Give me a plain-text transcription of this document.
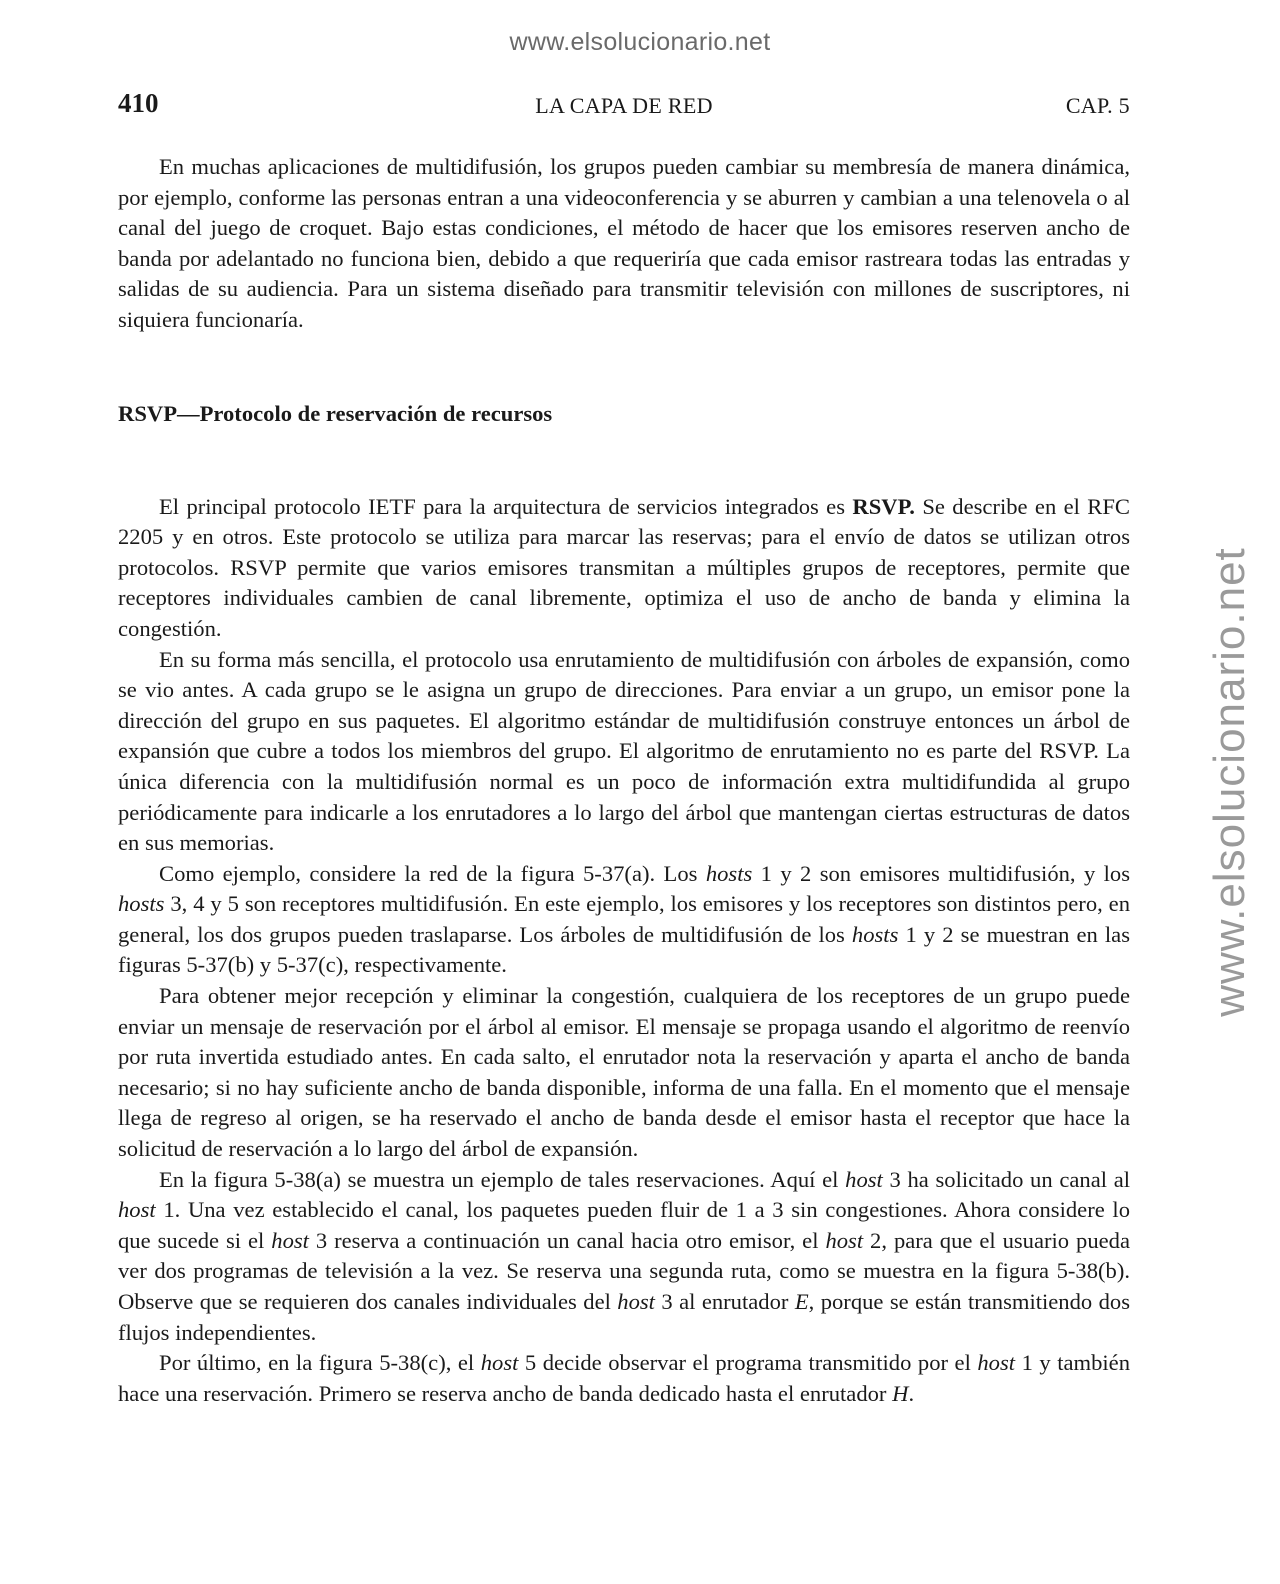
www.elsolucionario.net
www.elsolucionario.net
410	LA CAPA DE RED	CAP. 5

En muchas aplicaciones de multidifusión, los grupos pueden cambiar su membresía de manera dinámica, por ejemplo, conforme las personas entran a una videoconferencia y se aburren y cambian a una telenovela o al canal del juego de croquet. Bajo estas condiciones, el método de hacer que los emisores reserven ancho de banda por adelantado no funciona bien, debido a que requeriría que cada emisor rastreara todas las entradas y salidas de su audiencia. Para un sistema diseñado para transmitir televisión con millones de suscriptores, ni siquiera funcionaría.

RSVP—Protocolo de reservación de recursos

El principal protocolo IETF para la arquitectura de servicios integrados es RSVP. Se describe en el RFC 2205 y en otros. Este protocolo se utiliza para marcar las reservas; para el envío de datos se utilizan otros protocolos. RSVP permite que varios emisores transmitan a múltiples grupos de receptores, permite que receptores individuales cambien de canal libremente, optimiza el uso de ancho de banda y elimina la congestión.

En su forma más sencilla, el protocolo usa enrutamiento de multidifusión con árboles de expansión, como se vio antes. A cada grupo se le asigna un grupo de direcciones. Para enviar a un grupo, un emisor pone la dirección del grupo en sus paquetes. El algoritmo estándar de multidifusión construye entonces un árbol de expansión que cubre a todos los miembros del grupo. El algoritmo de enrutamiento no es parte del RSVP. La única diferencia con la multidifusión normal es un poco de información extra multidifundida al grupo periódicamente para indicarle a los enrutadores a lo largo del árbol que mantengan ciertas estructuras de datos en sus memorias.

Como ejemplo, considere la red de la figura 5-37(a). Los hosts 1 y 2 son emisores multidifusión, y los hosts 3, 4 y 5 son receptores multidifusión. En este ejemplo, los emisores y los receptores son distintos pero, en general, los dos grupos pueden traslaparse. Los árboles de multidifusión de los hosts 1 y 2 se muestran en las figuras 5-37(b) y 5-37(c), respectivamente.

Para obtener mejor recepción y eliminar la congestión, cualquiera de los receptores de un grupo puede enviar un mensaje de reservación por el árbol al emisor. El mensaje se propaga usando el algoritmo de reenvío por ruta invertida estudiado antes. En cada salto, el enrutador nota la reservación y aparta el ancho de banda necesario; si no hay suficiente ancho de banda disponible, informa de una falla. En el momento que el mensaje llega de regreso al origen, se ha reservado el ancho de banda desde el emisor hasta el receptor que hace la solicitud de reservación a lo largo del árbol de expansión.

En la figura 5-38(a) se muestra un ejemplo de tales reservaciones. Aquí el host 3 ha solicitado un canal al host 1. Una vez establecido el canal, los paquetes pueden fluir de 1 a 3 sin congestiones. Ahora considere lo que sucede si el host 3 reserva a continuación un canal hacia otro emisor, el host 2, para que el usuario pueda ver dos programas de televisión a la vez. Se reserva una segunda ruta, como se muestra en la figura 5-38(b). Observe que se requieren dos canales individuales del host 3 al enrutador E, porque se están transmitiendo dos flujos independientes.

Por último, en la figura 5-38(c), el host 5 decide observar el programa transmitido por el host 1 y también hace una reservación. Primero se reserva ancho de banda dedicado hasta el enrutador H.
